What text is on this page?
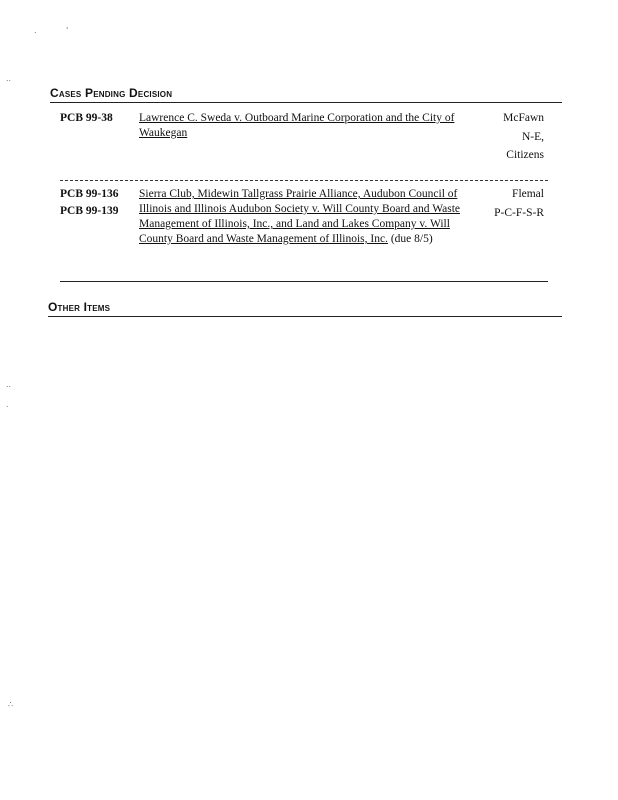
.	'
..
..
.
∴
Cases Pending Decision
PCB 99-38	Lawrence C. Sweda v. Outboard Marine Corporation and the City of Waukegan
McFawn
N-E,
Citizens
PCB 99-136
PCB 99-139
Sierra Club, Midewin Tallgrass Prairie Alliance, Audubon Council of Illinois and Illinois Audubon Society v. Will County Board and Waste Management of Illinois, Inc., and Land and Lakes Company v. Will County Board and Waste Management of Illinois, Inc. (due 8/5)
Flemal
P-C-F-S-R
Other Items
